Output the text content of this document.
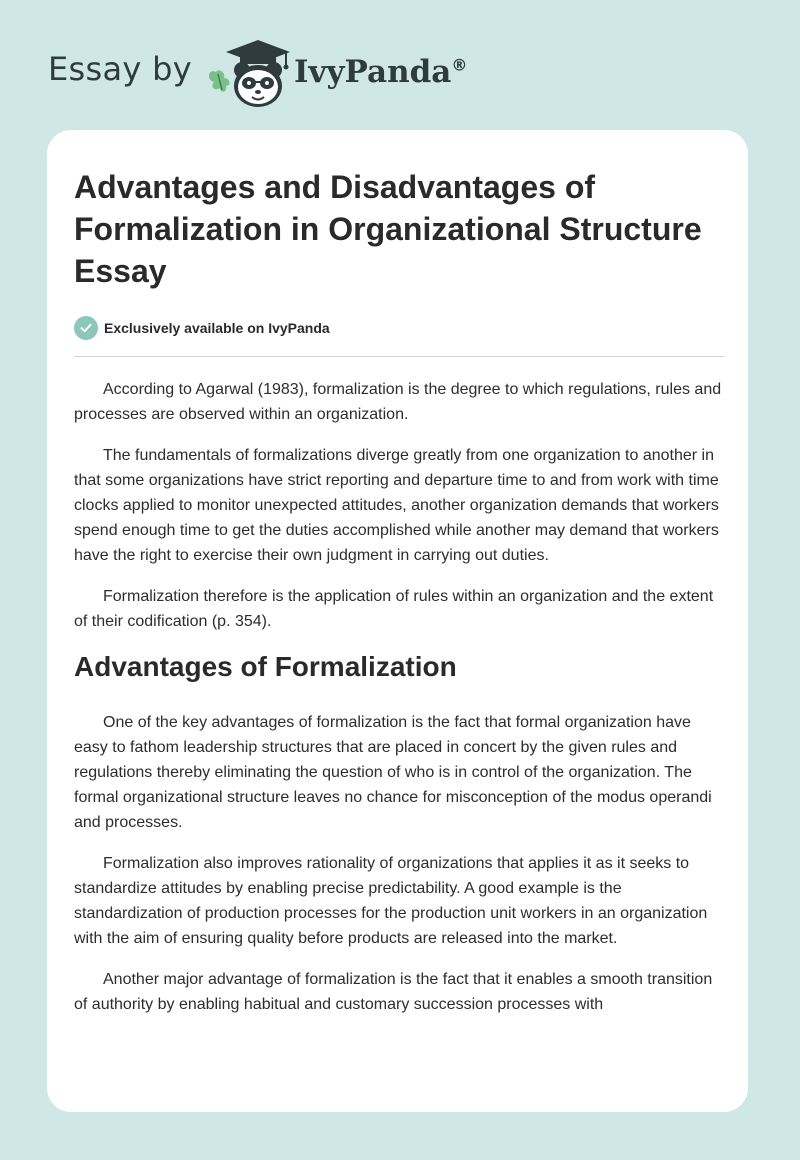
Essay by	IvyPanda®
Advantages and Disadvantages of Formalization in Organizational Structure Essay
Exclusively available on IvyPanda

According to Agarwal (1983), formalization is the degree to which regulations, rules and processes are observed within an organization.

The fundamentals of formalizations diverge greatly from one organization to another in that some organizations have strict reporting and departure time to and from work with time clocks applied to monitor unexpected attitudes, another organization demands that workers spend enough time to get the duties accomplished while another may demand that workers have the right to exercise their own judgment in carrying out duties.

Formalization therefore is the application of rules within an organization and the extent of their codification (p. 354).

Advantages of Formalization

One of the key advantages of formalization is the fact that formal organization have easy to fathom leadership structures that are placed in concert by the given rules and regulations thereby eliminating the question of who is in control of the organization. The formal organizational structure leaves no chance for misconception of the modus operandi and processes.

Formalization also improves rationality of organizations that applies it as it seeks to standardize attitudes by enabling precise predictability. A good example is the standardization of production processes for the production unit workers in an organization with the aim of ensuring quality before products are released into the market.

Another major advantage of formalization is the fact that it enables a smooth transition of authority by enabling habitual and customary succession processes with
